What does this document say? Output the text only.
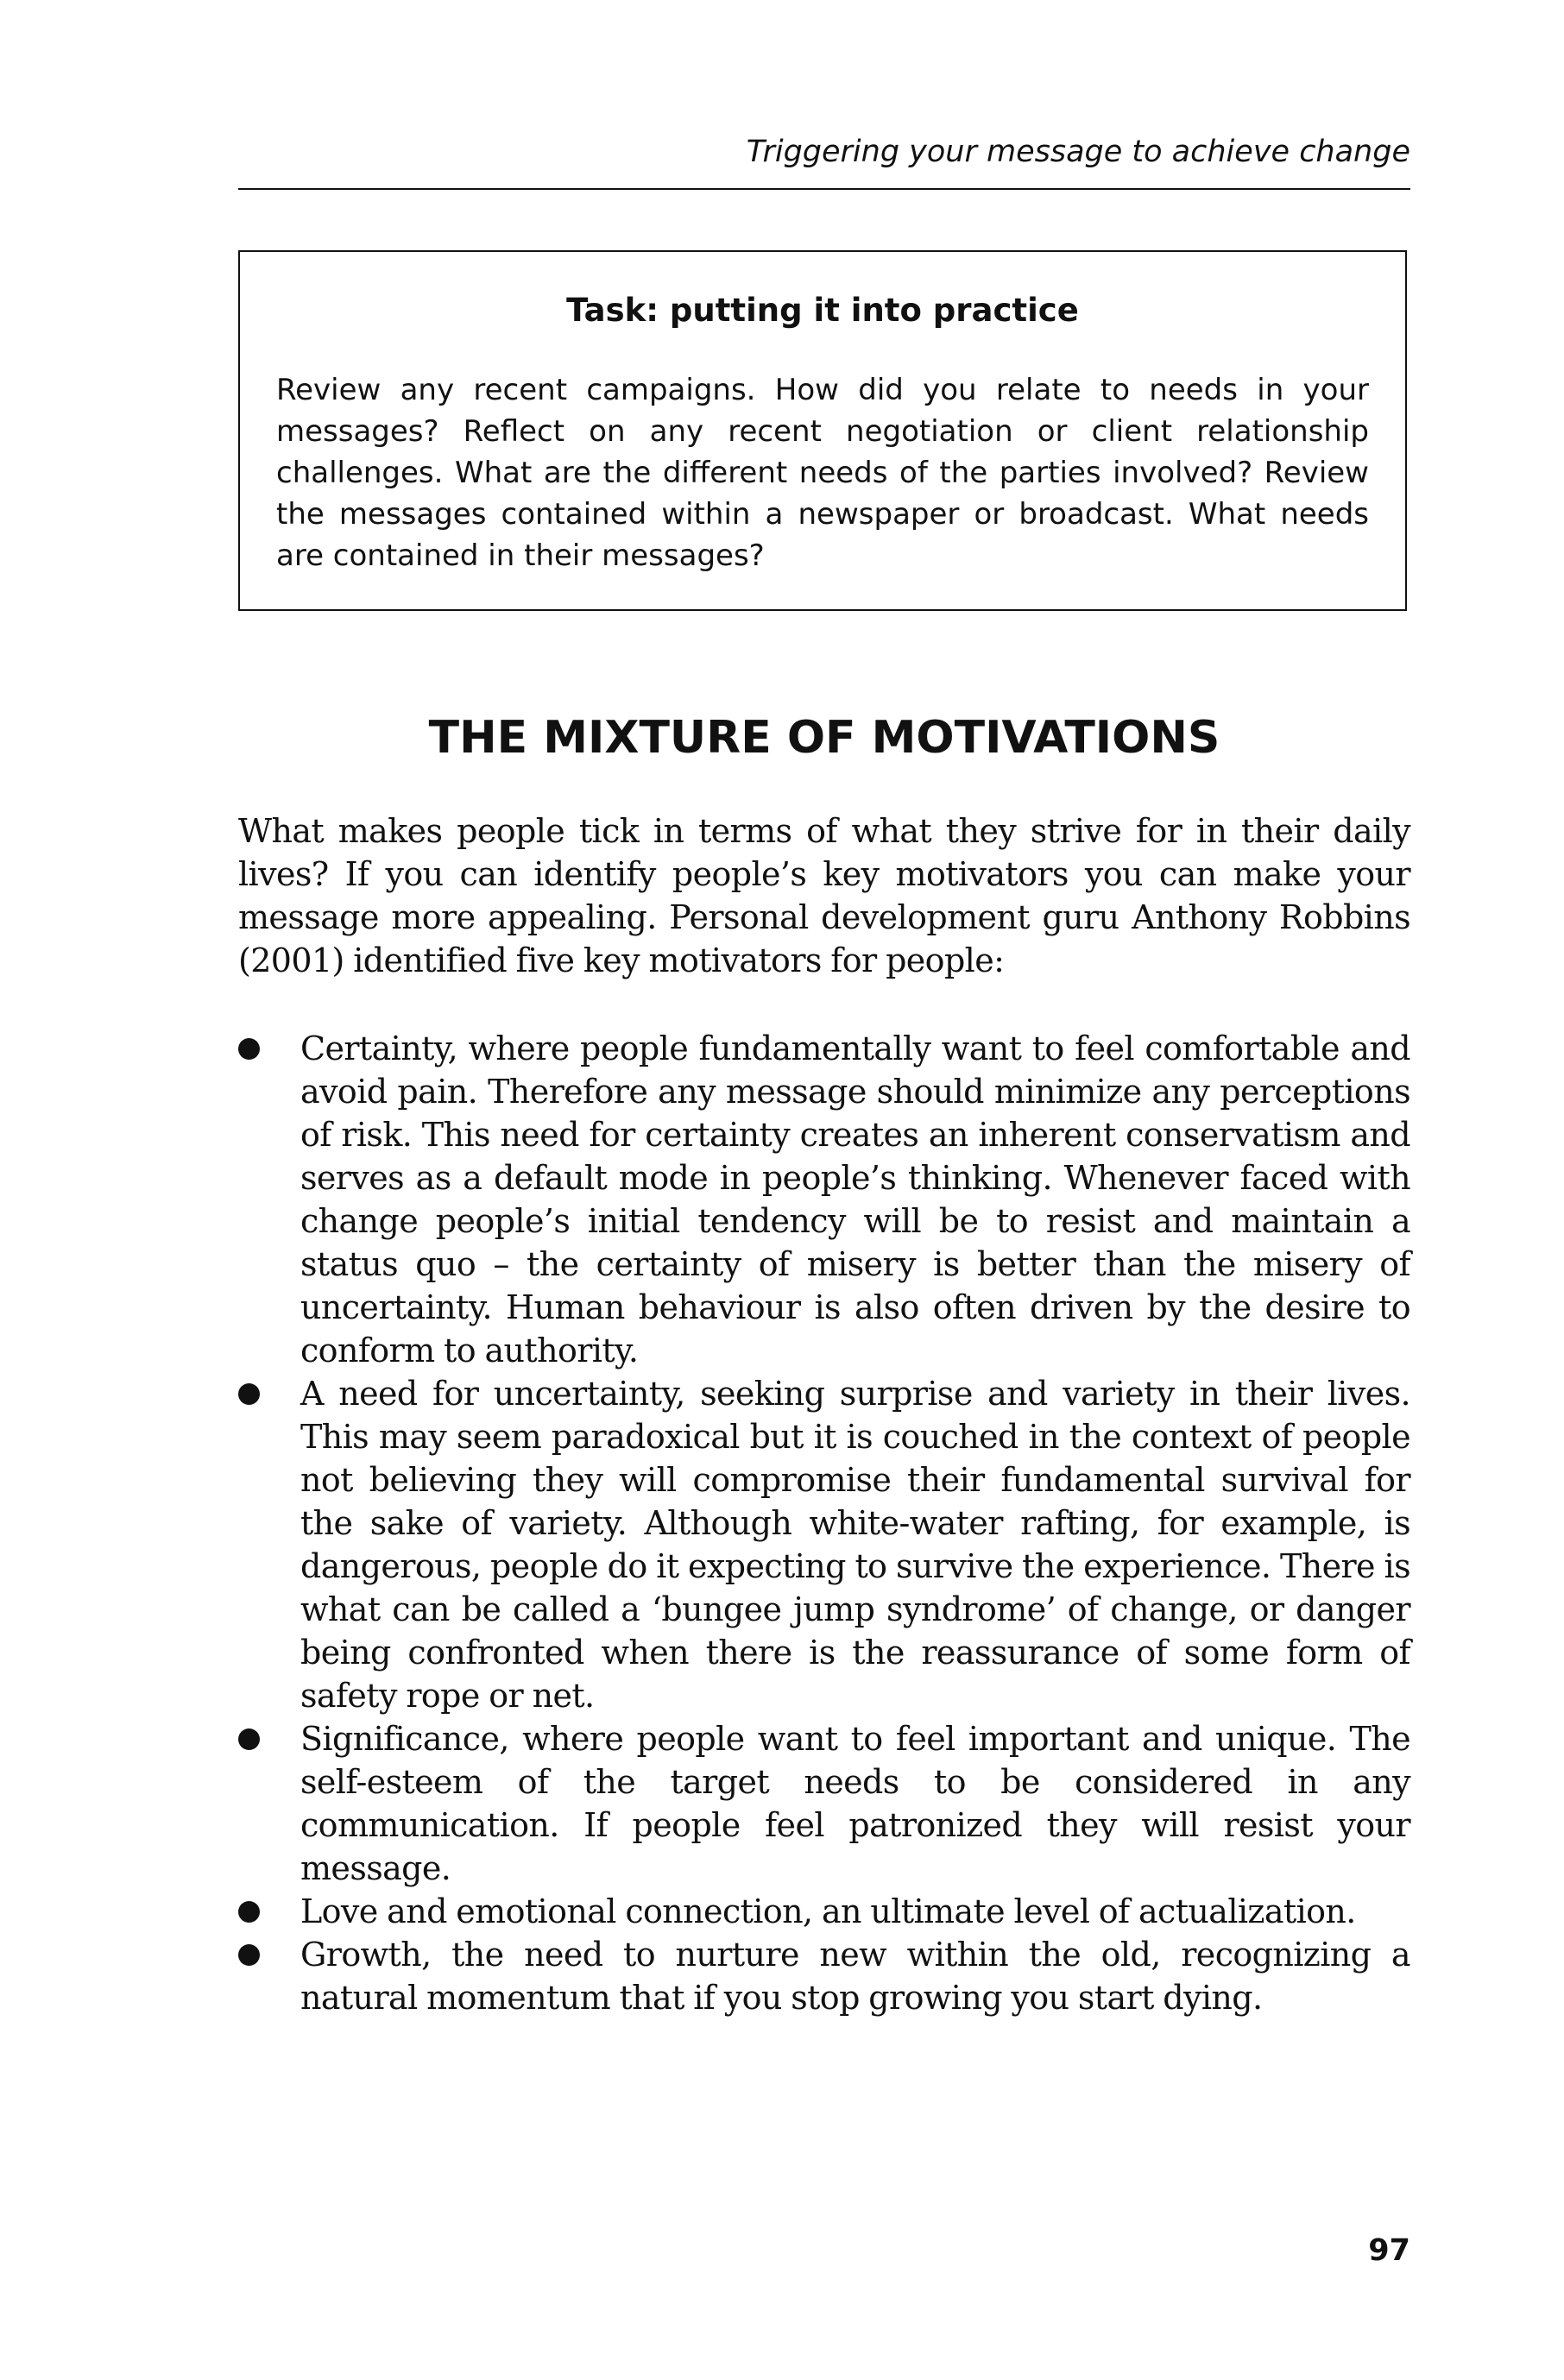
Triggering your message to achieve change
Task: putting it into practice

Review any recent campaigns. How did you relate to needs in your messages? Reflect on any recent negotiation or client relationship challenges. What are the different needs of the parties involved? Review the messages contained within a newspaper or broadcast. What needs are contained in their messages?

THE MIXTURE OF MOTIVATIONS

What makes people tick in terms of what they strive for in their daily lives? If you can identify people’s key motivators you can make your message more appealing. Personal development guru Anthony Robbins (2001) identified five key motivators for people:

Certainty, where people fundamentally want to feel comfortable and avoid pain. Therefore any message should minimize any perceptions of risk. This need for certainty creates an inherent conservatism and serves as a default mode in people’s thinking. Whenever faced with change people’s initial tendency will be to resist and maintain a status quo – the certainty of misery is better than the misery of uncertainty. Human behaviour is also often driven by the desire to conform to authority.
A need for uncertainty, seeking surprise and variety in their lives. This may seem paradoxical but it is couched in the context of people not believing they will compromise their fundamental survival for the sake of variety. Although white-water rafting, for example, is dangerous, people do it expecting to survive the experience. There is what can be called a ‘bungee jump syndrome’ of change, or danger being confronted when there is the reassurance of some form of safety rope or net.
Significance, where people want to feel important and unique. The self-esteem of the target needs to be considered in any communication. If people feel patronized they will resist your message.
Love and emotional connection, an ultimate level of actualization.
Growth, the need to nurture new within the old, recognizing a natural momentum that if you stop growing you start dying.
97
